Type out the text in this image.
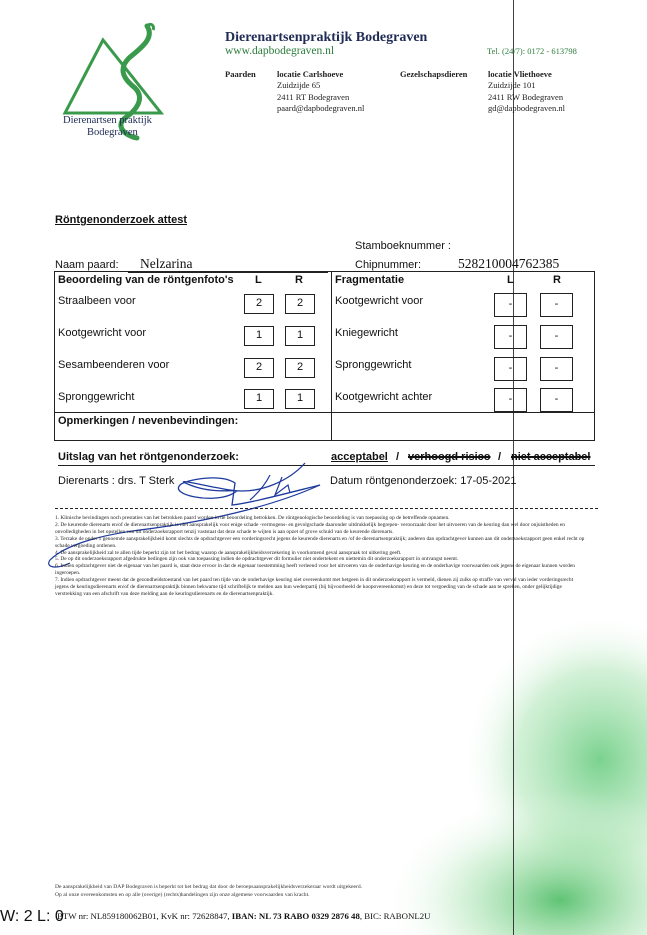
Dierenartsen praktijk
Bodegraven
Dierenartsenpraktijk Bodegraven
www.dapbodegraven.nl	Tel. (24/7): 0172 - 613798
Paarden	locatie Carlshoeve
Zuidzijde 65
2411 RT Bodegraven
paard@dapbodegraven.nl
Gezelschapsdieren locatie Vliethoeve
Zuidzijde 101
2411 RW Bodegraven
gd@dapbodegraven.nl
Röntgenonderzoek attest
Stamboeknummer :
Naam paard: Nelzarina	Chipnummer:	528210004762385
Beoordeling van de röntgenfoto's L	R	Fragmentatie	L	R
Straalbeen voor	2	2
Kootgewricht voor	1	1
Sesambeenderen voor	2	2
Spronggewricht	1	1
Kootgewricht voor	-	-
Kniegewricht	-	-
Spronggewricht	-	-
Kootgewricht achter	-	-
Opmerkingen / nevenbevindingen:
Uitslag van het röntgenonderzoek:	acceptabel / verhoogd risico / niet acceptabel
Dierenarts : drs. T Sterk	Datum röntgenonderzoek: 17-05-2021

1. Klinische bevindingen noch prestaties van het betrokken paard worden in de beoordeling betrokken. De röntgenologische beoordeling is van toepassing op de betreffende opnamen.

2. De keurende dierenarts en/of de dierenartsenpraktijk is niet aansprakelijk voor enige schade -vermogens- en gevolgschade daaronder uitdrukkelijk begrepen- veroorzaakt door het uitvoeren van de keuring dan wel door onjuistheden en onvolledigheden in het opstellen van dit onderzoeksrapport tenzij vaststaat dat deze schade te wijten is aan opzet of grove schuld van de keurende dierenarts.

3. Terzake de onder 1 genoemde aansprakelijkheid komt slechts de opdrachtgever een vorderingsrecht jegens de keurende dierenarts en /of de dierenartsenpraktijk; anderen dan opdrachtgever kunnen aan dit onderzoeksrapport geen enkel recht op schade vergoeding ontlenen.

4. De aansprakelijkheid zal te allen tijde beperkt zijn tot het bedrag waarop de aansprakelijkheidsverzekering in voorkomend geval aanspraak tot uitkering geeft.

5. De op dit onderzoeksrapport afgedrukte bedingen zijn ook van toepassing indien de opdrachtgever dit formulier niet ondertekent en niettemin dit onderzoeksrapport in ontvangst neemt.

6. Indien opdrachtgever niet de eigenaar van het paard is, staat deze ervoor in dat de eigenaar toestemming heeft verleend voor het uitvoeren van de onderhavige keuring en de onderhavige voorwaarden ook jegens de eigenaar kunnen worden ingeroepen.

7. Indien opdrachtgever meent dat de gezondheidstoestand van het paard ten tijde van de onderhavige keuring niet overeenkomt met hetgeen in dit onderzoekrapport is vermeld, dienen zij zulks op straffe van verval van ieder vorderingsrecht jegens de keuringsdierenarts en/of de dierenartsenpraktijk binnen bekwame tijd schriftelijk te melden aan hun wederpartij (bij bijvoorbeeld de koopovereenkomst) en deze tot vergoeding van de schade aan te spreken, onder gelijktijdige verstrekking van een afschrift van deze melding aan de keuringsdierenarts en de dierenartsenpraktijk.

De aansprakelijkheid van DAP Bodegraven is beperkt tot het bedrag dat door de beroepsaansprakelijkheidsverzekeraar wordt uitgekeerd.
Op al onze overeenkomsten en op alle (overige) (rechts)handelingen zijn onze algemene voorwaarden van kracht.
BTW nr: NL859180062B01, KvK nr: 72628847, IBAN: NL 73 RABO 0329 2876 48, BIC: RABONL2U
W: 2 L: 0
